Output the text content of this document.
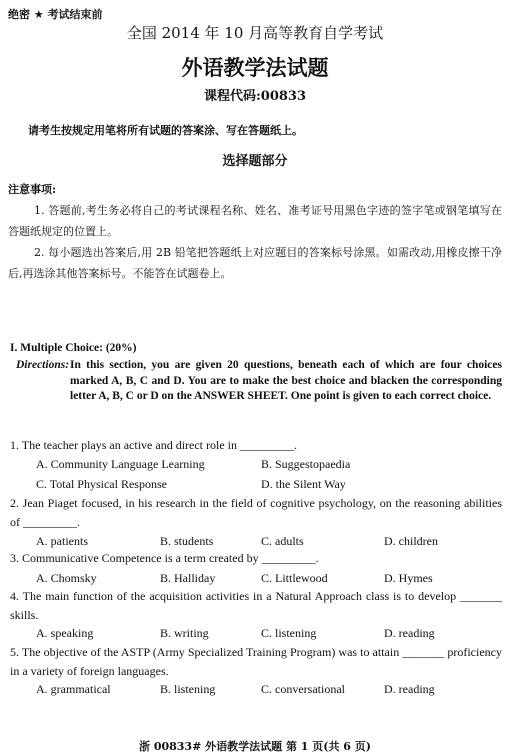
绝密 ★ 考试结束前
全国 2014 年 10 月高等教育自学考试
外语教学法试题
课程代码:00833
请考生按规定用笔将所有试题的答案涂、写在答题纸上。
选择题部分
注意事项:
1. 答题前,考生务必将自己的考试课程名称、姓名、准考证号用黑色字迹的签字笔或钢笔填写在答题纸规定的位置上。
2. 每小题选出答案后,用 2B 铅笔把答题纸上对应题目的答案标号涂黑。如需改动,用橡皮擦干净后,再选涂其他答案标号。不能答在试题卷上。
I. Multiple Choice: (20%)
Directions: In this section, you are given 20 questions, beneath each of which are four choices marked A, B, C and D. You are to make the best choice and blacken the corresponding letter A, B, C or D on the ANSWER SHEET. One point is given to each correct choice.
1. The teacher plays an active and direct role in _________.
A. Community Language Learning	B. Suggestopaedia
C. Total Physical Response	D. the Silent Way
2. Jean Piaget focused, in his research in the field of cognitive psychology, on the reasoning abilities of _________.
A. patients	B. students	C. adults	D. children
3. Communicative Competence is a term created by _________.
A. Chomsky	B. Halliday	C. Littlewood	D. Hymes
4. The main function of the acquisition activities in a Natural Approach class is to develop _______ skills.
A. speaking	B. writing	C. listening	D. reading
5. The objective of the ASTP (Army Specialized Training Program) was to attain _______ proficiency in a variety of foreign languages.
A. grammatical	B. listening	C. conversational	D. reading
浙 00833# 外语教学法试题 第 1 页(共 6 页)
